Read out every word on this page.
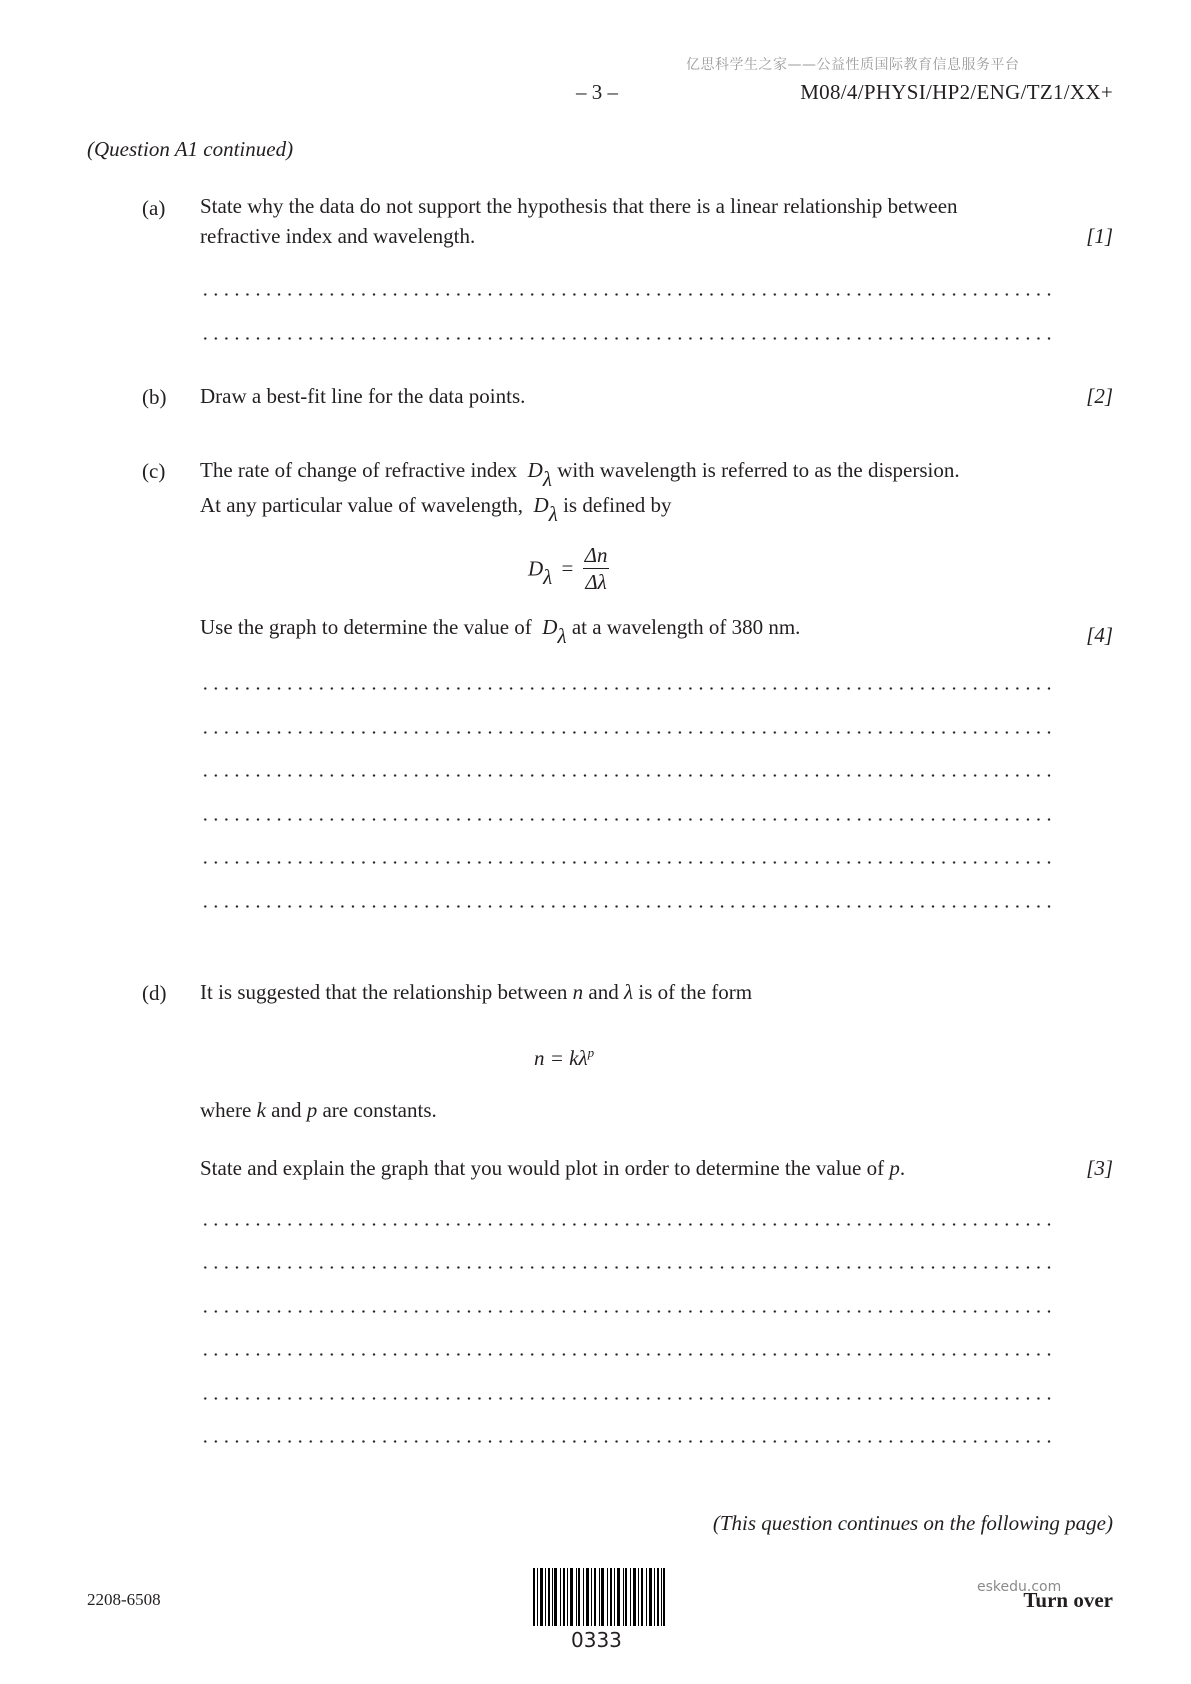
亿思科学生之家——公益性质国际教育信息服务平台
– 3 –	M08/4/PHYSI/HP2/ENG/TZ1/XX+
(Question A1 continued)
(a) State why the data do not support the hypothesis that there is a linear relationship between
refractive index and wavelength.	[1]
(b) Draw a best-fit line for the data points.	[2]
(c) The rate of change of refractive index Dλ with wavelength is referred to as the dispersion.
At any particular value of wavelength, Dλ is defined by
$D\lambda = \frac{\Delta n}{\Delta\lambda}$
Use the graph to determine the value of Dλ at a wavelength of 380 nm.	[4]
(d) It is suggested that the relationship between n and λ is of the form
$n = k\lambda^p$
where k and p are constants.
State and explain the graph that you would plot in order to determine the value of p.	[3]
(This question continues on the following page)
2208-6508
0333
eskedu.com
Turn over
